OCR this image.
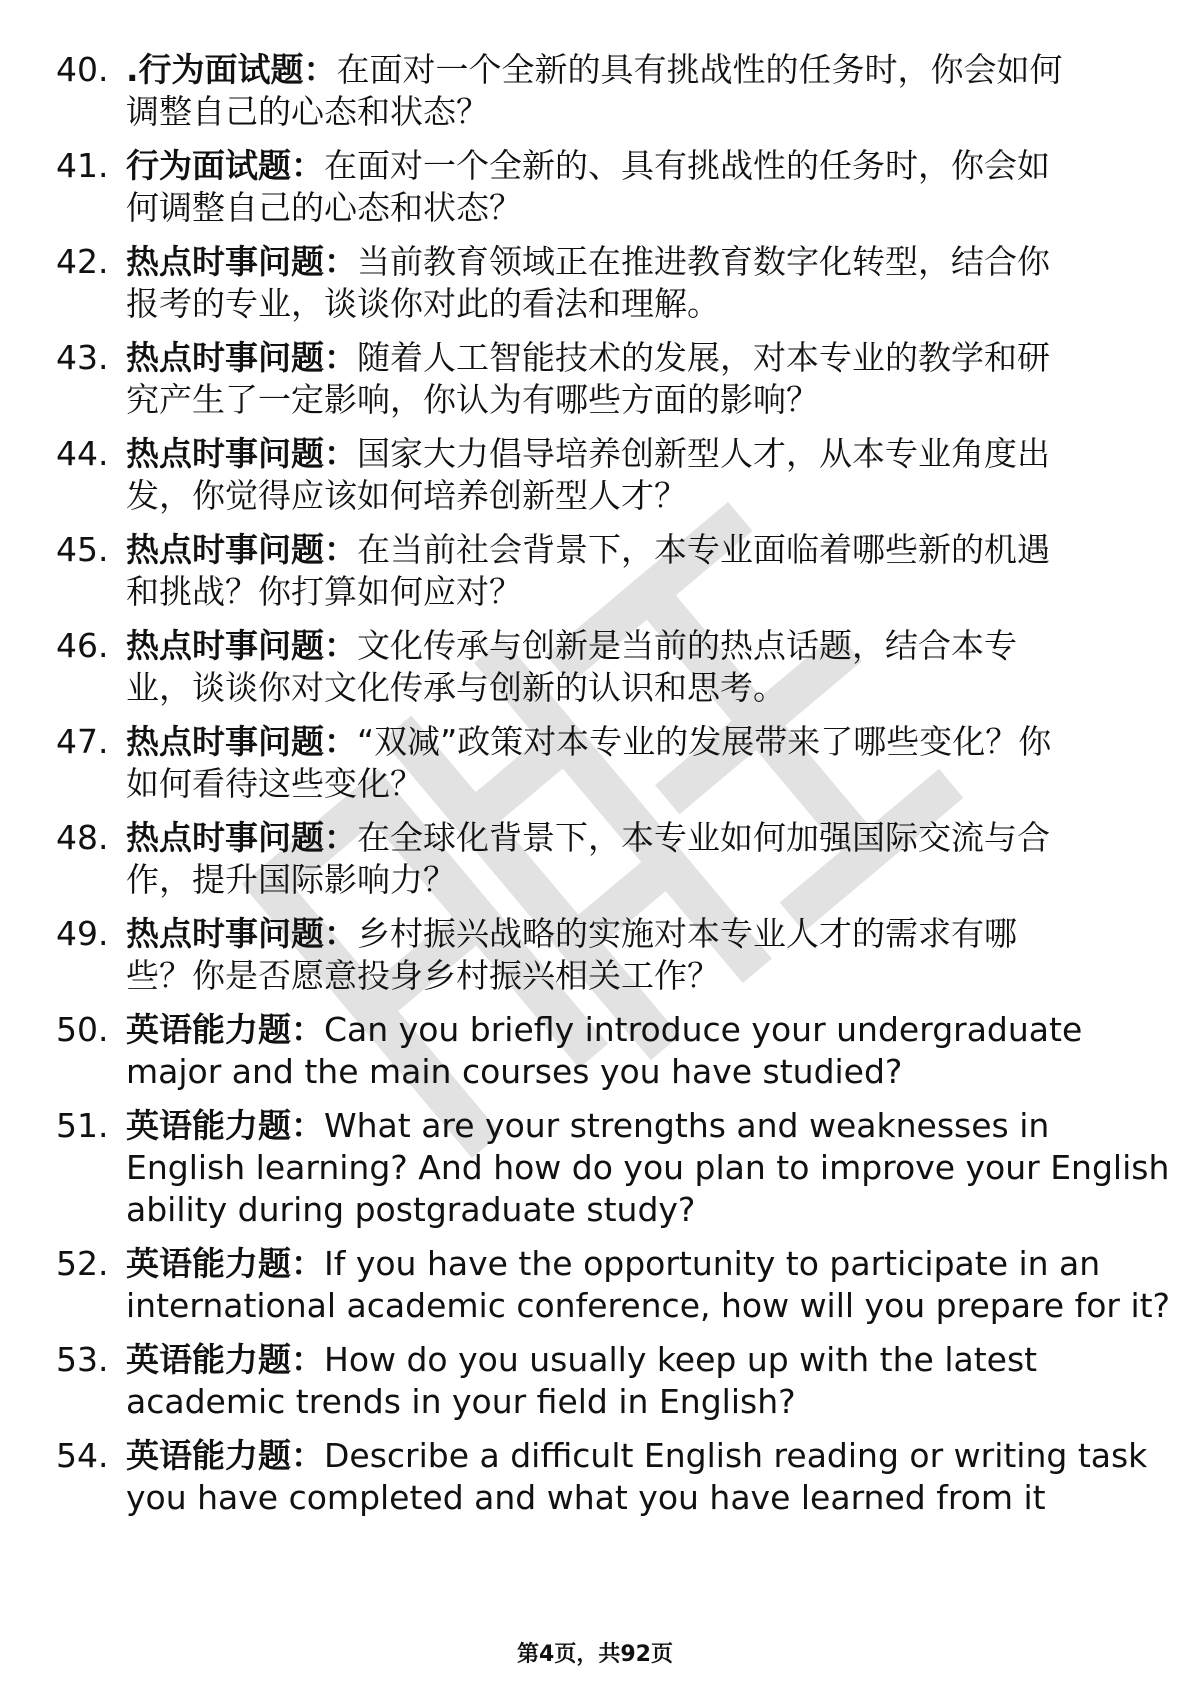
40. .行为面试题：在面对一个全新的具有挑战性的任务时，你会如何
调整自己的心态和状态？
41. 行为面试题：在面对一个全新的、具有挑战性的任务时，你会如
何调整自己的心态和状态？
42. 热点时事问题：当前教育领域正在推进教育数字化转型，结合你
报考的专业，谈谈你对此的看法和理解。
43. 热点时事问题：随着人工智能技术的发展，对本专业的教学和研
究产生了一定影响，你认为有哪些方面的影响？
44. 热点时事问题：国家大力倡导培养创新型人才，从本专业角度出
发，你觉得应该如何培养创新型人才？
45. 热点时事问题：在当前社会背景下，本专业面临着哪些新的机遇
和挑战？你打算如何应对？
46. 热点时事问题：文化传承与创新是当前的热点话题，结合本专
业，谈谈你对文化传承与创新的认识和思考。
47. 热点时事问题：“双减”政策对本专业的发展带来了哪些变化？你
如何看待这些变化？
48. 热点时事问题：在全球化背景下，本专业如何加强国际交流与合
作，提升国际影响力？
49. 热点时事问题：乡村振兴战略的实施对本专业人才的需求有哪
些？你是否愿意投身乡村振兴相关工作？
50. 英语能力题：Can you briefly introduce your undergraduate
major and the main courses you have studied?
51. 英语能力题：What are your strengths and weaknesses in
English learning? And how do you plan to improve your English
ability during postgraduate study?
52. 英语能力题：If you have the opportunity to participate in an
international academic conference, how will you prepare for it?
53. 英语能力题：How do you usually keep up with the latest
academic trends in your field in English?
54. 英语能力题：Describe a difficult English reading or writing task
you have completed and what you have learned from it
第4页，共92页
